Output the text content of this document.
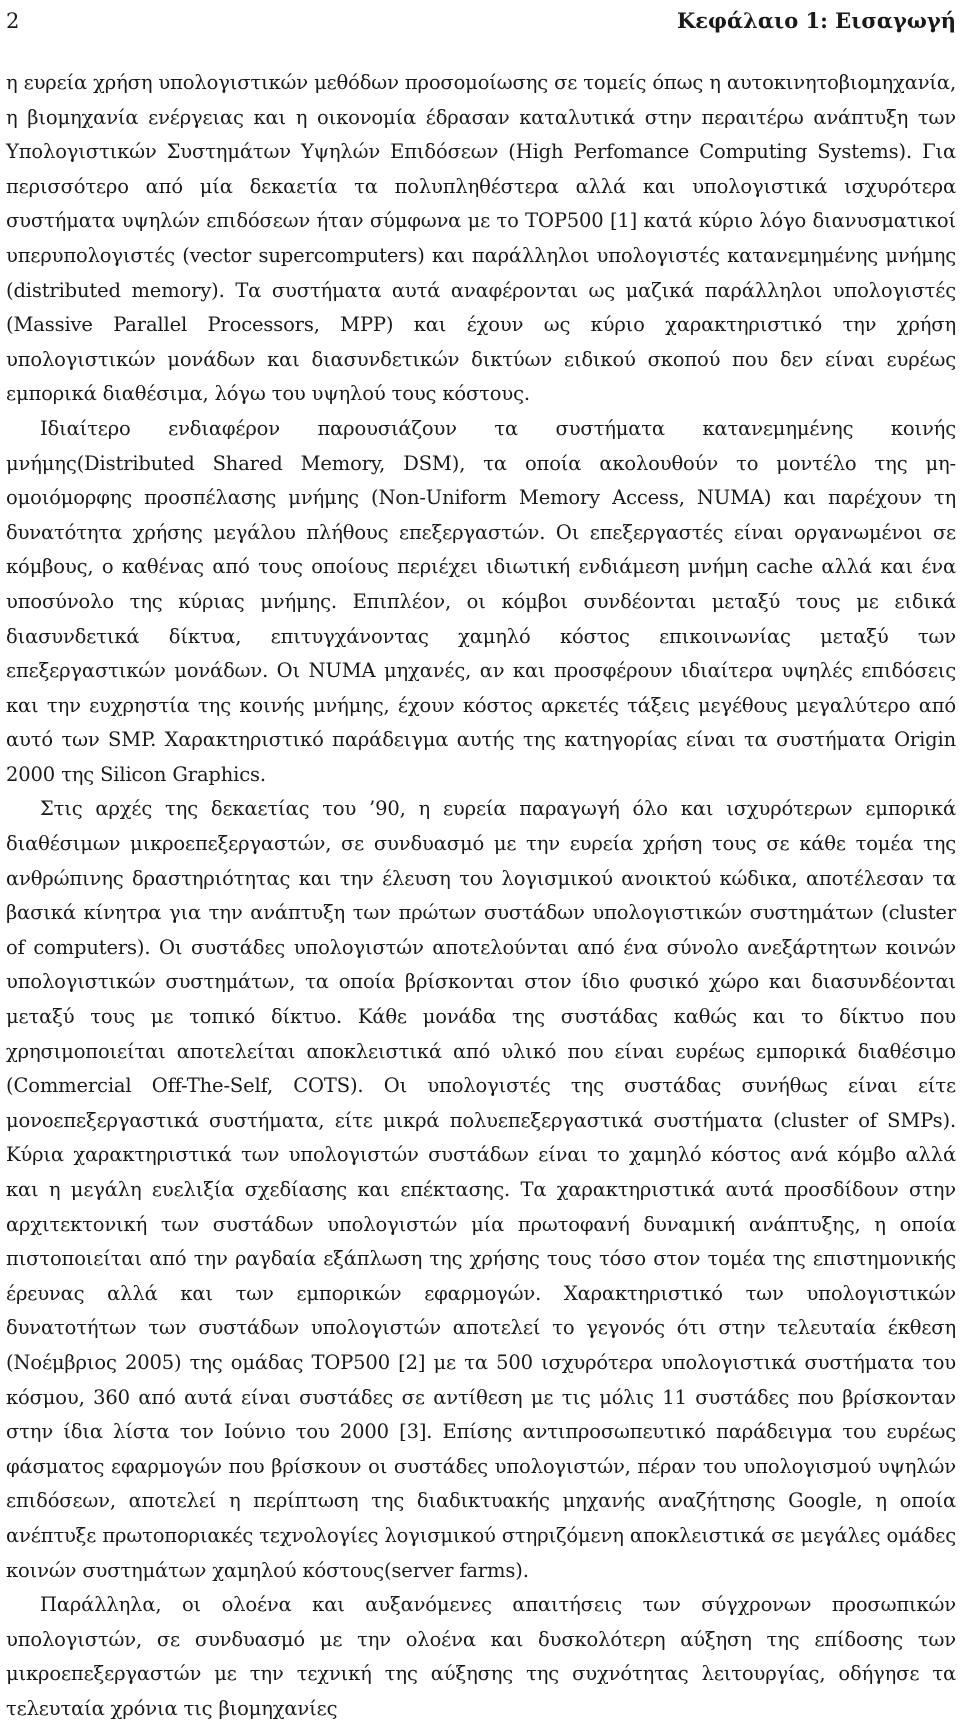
2	Κεφάλαιο 1: Εισαγωγή

η ευρεία χρήση υπολογιστικών μεθόδων προσομοίωσης σε τομείς όπως η αυτοκινητοβιομηχανία, η βιομηχανία ενέργειας και η οικονομία έδρασαν καταλυτικά στην περαιτέρω ανάπτυξη των Υπολογιστικών Συστημάτων Υψηλών Επιδόσεων (High Perfomance Computing Systems). Για περισσότερο από μία δεκαετία τα πολυπληθέστερα αλλά και υπολογιστικά ισχυρότερα συστήματα υψηλών επιδόσεων ήταν σύμφωνα με το TOP500 [1] κατά κύριο λόγο διανυσματικοί υπερυπολογιστές (vector supercomputers) και παράλληλοι υπολογιστές κατανεμημένης μνήμης (distributed memory). Τα συστήματα αυτά αναφέρονται ως μαζικά παράλληλοι υπολογιστές (Massive Parallel Processors, MPP) και έχουν ως κύριο χαρακτηριστικό την χρήση υπολογιστικών μονάδων και διασυνδετικών δικτύων ειδικού σκοπού που δεν είναι ευρέως εμπορικά διαθέσιμα, λόγω του υψηλού τους κόστους.

Ιδιαίτερο ενδιαφέρον παρουσιάζουν τα συστήματα κατανεμημένης κοινής μνήμης(Distributed Shared Memory, DSM), τα οποία ακολουθούν το μοντέλο της μη-ομοιόμορφης προσπέλασης μνήμης (Non-Uniform Memory Access, NUMA) και παρέχουν τη δυνατότητα χρήσης μεγάλου πλήθους επεξεργαστών. Οι επεξεργαστές είναι οργανωμένοι σε κόμβους, ο καθένας από τους οποίους περιέχει ιδιωτική ενδιάμεση μνήμη cache αλλά και ένα υποσύνολο της κύριας μνήμης. Επιπλέον, οι κόμβοι συνδέονται μεταξύ τους με ειδικά διασυνδετικά δίκτυα, επιτυγχάνοντας χαμηλό κόστος επικοινωνίας μεταξύ των επεξεργαστικών μονάδων. Οι NUMA μηχανές, αν και προσφέρουν ιδιαίτερα υψηλές επιδόσεις και την ευχρηστία της κοινής μνήμης, έχουν κόστος αρκετές τάξεις μεγέθους μεγαλύτερο από αυτό των SMP. Χαρακτηριστικό παράδειγμα αυτής της κατηγορίας είναι τα συστήματα Origin 2000 της Silicon Graphics.

Στις αρχές της δεκαετίας του ’90, η ευρεία παραγωγή όλο και ισχυρότερων εμπορικά διαθέσιμων μικροεπεξεργαστών, σε συνδυασμό με την ευρεία χρήση τους σε κάθε τομέα της ανθρώπινης δραστηριότητας και την έλευση του λογισμικού ανοικτού κώδικα, αποτέλεσαν τα βασικά κίνητρα για την ανάπτυξη των πρώτων συστάδων υπολογιστικών συστημάτων (cluster of computers). Οι συστάδες υπολογιστών αποτελούνται από ένα σύνολο ανεξάρτητων κοινών υπολογιστικών συστημάτων, τα οποία βρίσκονται στον ίδιο φυσικό χώρο και διασυνδέονται μεταξύ τους με τοπικό δίκτυο. Κάθε μονάδα της συστάδας καθώς και το δίκτυο που χρησιμοποιείται αποτελείται αποκλειστικά από υλικό που είναι ευρέως εμπορικά διαθέσιμο (Commercial Off-The-Self, COTS). Οι υπολογιστές της συστάδας συνήθως είναι είτε μονοεπεξεργαστικά συστήματα, είτε μικρά πολυεπεξεργαστικά συστήματα (cluster of SMPs). Κύρια χαρακτηριστικά των υπολογιστών συστάδων είναι το χαμηλό κόστος ανά κόμβο αλλά και η μεγάλη ευελιξία σχεδίασης και επέκτασης. Τα χαρακτηριστικά αυτά προσδίδουν στην αρχιτεκτονική των συστάδων υπολογιστών μία πρωτοφανή δυναμική ανάπτυξης, η οποία πιστοποιείται από την ραγδαία εξάπλωση της χρήσης τους τόσο στον τομέα της επιστημονικής έρευνας αλλά και των εμπορικών εφαρμογών. Χαρακτηριστικό των υπολογιστικών δυνατοτήτων των συστάδων υπολογιστών αποτελεί το γεγονός ότι στην τελευταία έκθεση (Νοέμβριος 2005) της ομάδας TOP500 [2] με τα 500 ισχυρότερα υπολογιστικά συστήματα του κόσμου, 360 από αυτά είναι συστάδες σε αντίθεση με τις μόλις 11 συστάδες που βρίσκονταν στην ίδια λίστα τον Ιούνιο του 2000 [3]. Επίσης αντιπροσωπευτικό παράδειγμα του ευρέως φάσματος εφαρμογών που βρίσκουν οι συστάδες υπολογιστών, πέραν του υπολογισμού υψηλών επιδόσεων, αποτελεί η περίπτωση της διαδικτυακής μηχανής αναζήτησης Google, η οποία ανέπτυξε πρωτοποριακές τεχνολογίες λογισμικού στηριζόμενη αποκλειστικά σε μεγάλες ομάδες κοινών συστημάτων χαμηλού κόστους(server farms).

Παράλληλα, οι ολοένα και αυξανόμενες απαιτήσεις των σύγχρονων προσωπικών υπολογιστών, σε συνδυασμό με την ολοένα και δυσκολότερη αύξηση της επίδοσης των μικροεπεξεργαστών με την τεχνική της αύξησης της συχνότητας λειτουργίας, οδήγησε τα τελευταία χρόνια τις βιομηχανίες
